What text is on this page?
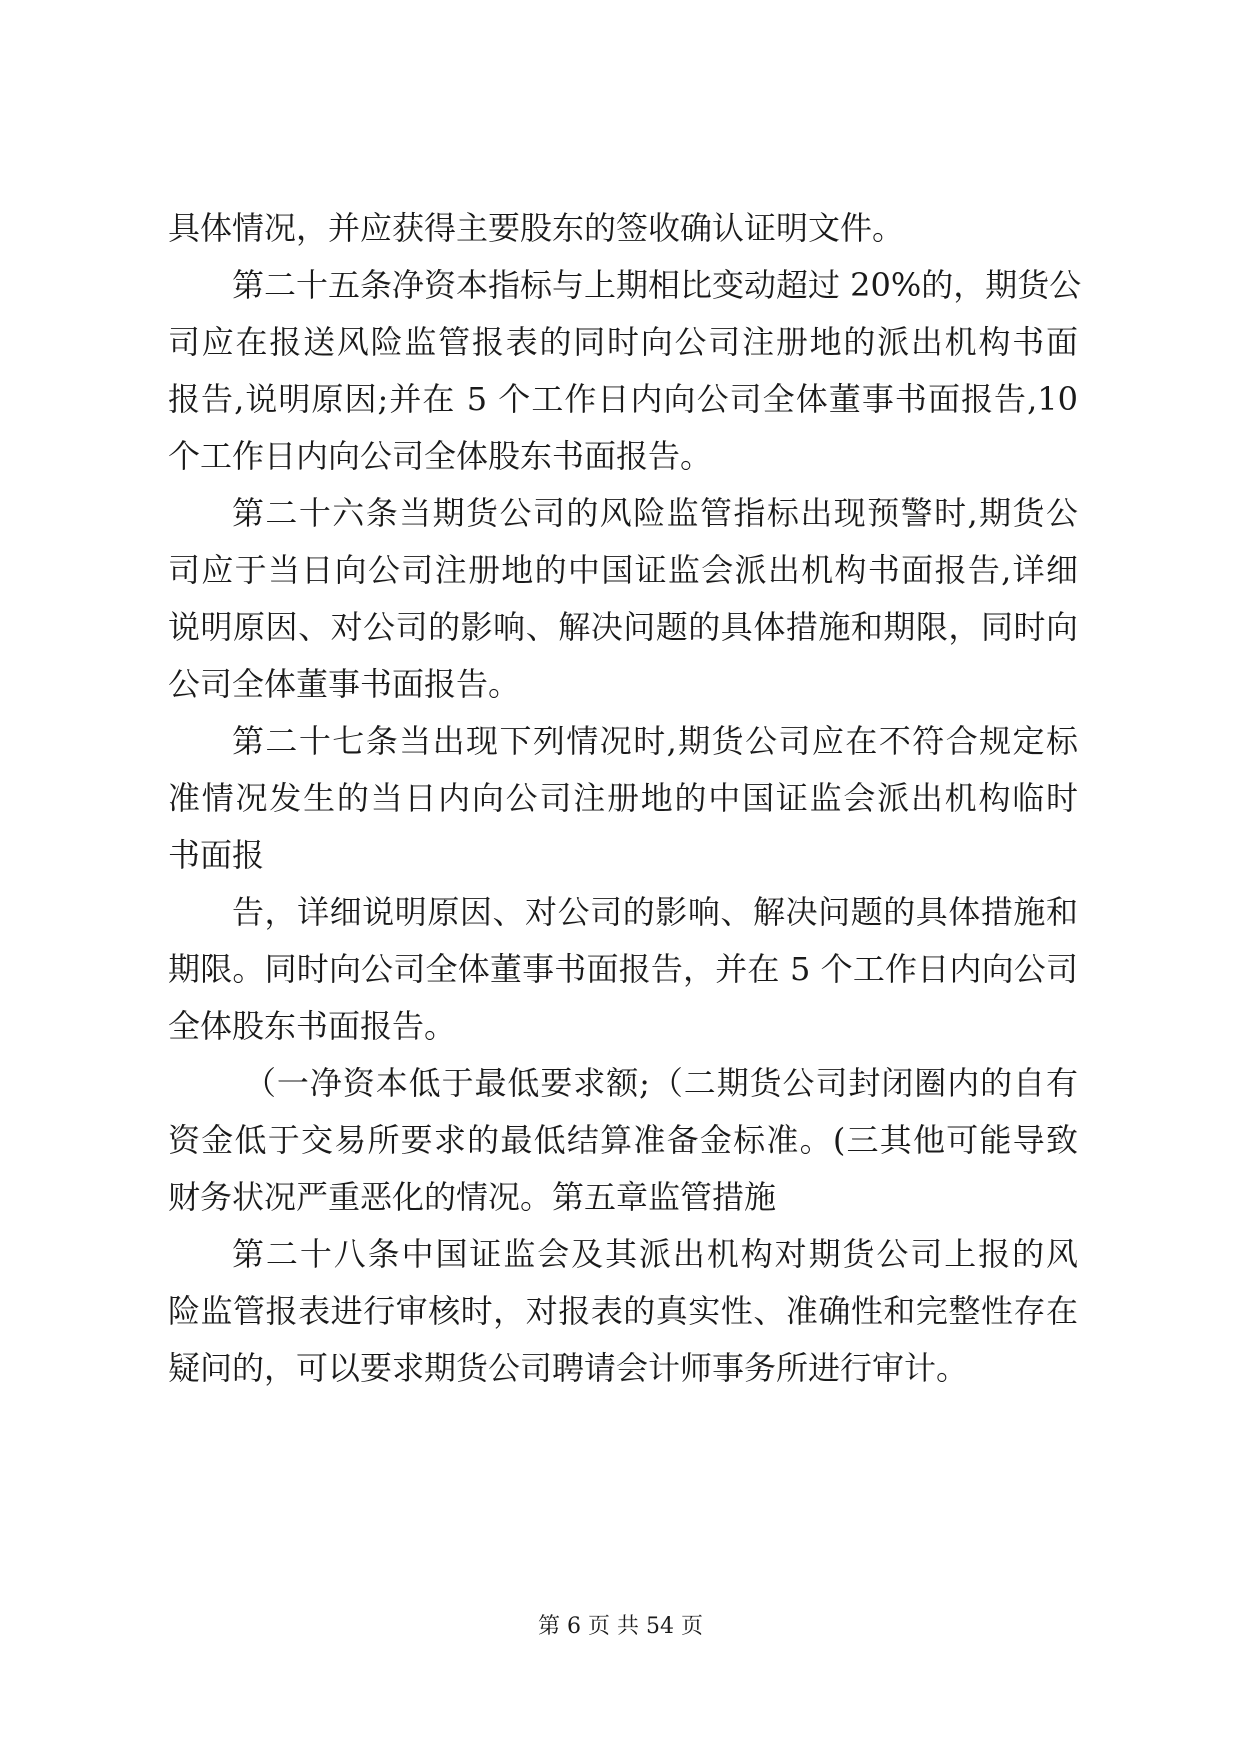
具体情况，并应获得主要股东的签收确认证明文件。
第二十五条净资本指标与上期相比变动超过 20%的，期货公
司应在报送风险监管报表的同时向公司注册地的派出机构书面
报告,说明原因;并在 5 个工作日内向公司全体董事书面报告,10
个工作日内向公司全体股东书面报告。
第二十六条当期货公司的风险监管指标出现预警时,期货公
司应于当日向公司注册地的中国证监会派出机构书面报告,详细
说明原因、对公司的影响、解决问题的具体措施和期限，同时向
公司全体董事书面报告。
第二十七条当出现下列情况时,期货公司应在不符合规定标
准情况发生的当日内向公司注册地的中国证监会派出机构临时
书面报
告，详细说明原因、对公司的影响、解决问题的具体措施和
期限。同时向公司全体董事书面报告，并在 5 个工作日内向公司
全体股东书面报告。
（一净资本低于最低要求额;（二期货公司封闭圈内的自有
资金低于交易所要求的最低结算准备金标准。(三其他可能导致
财务状况严重恶化的情况。第五章监管措施
第二十八条中国证监会及其派出机构对期货公司上报的风
险监管报表进行审核时，对报表的真实性、准确性和完整性存在
疑问的，可以要求期货公司聘请会计师事务所进行审计。
第 6 页 共 54 页
